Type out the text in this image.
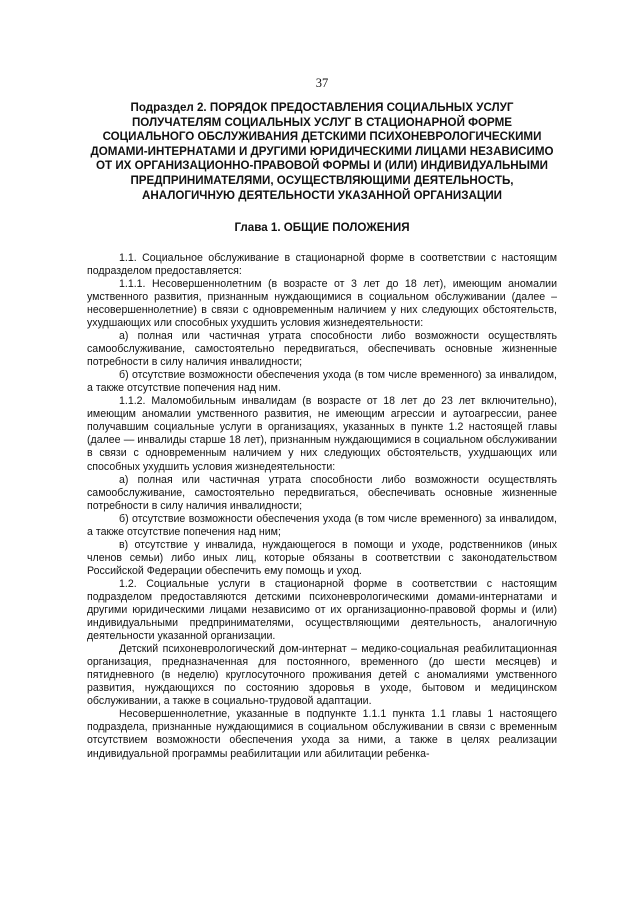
37
Подраздел 2. ПОРЯДОК ПРЕДОСТАВЛЕНИЯ СОЦИАЛЬНЫХ УСЛУГ
ПОЛУЧАТЕЛЯМ СОЦИАЛЬНЫХ УСЛУГ В СТАЦИОНАРНОЙ ФОРМЕ
СОЦИАЛЬНОГО ОБСЛУЖИВАНИЯ ДЕТСКИМИ ПСИХОНЕВРОЛОГИЧЕСКИМИ
ДОМАМИ-ИНТЕРНАТАМИ И ДРУГИМИ ЮРИДИЧЕСКИМИ ЛИЦАМИ НЕЗАВИСИМО
ОТ ИХ ОРГАНИЗАЦИОННО-ПРАВОВОЙ ФОРМЫ И (ИЛИ) ИНДИВИДУАЛЬНЫМИ
ПРЕДПРИНИМАТЕЛЯМИ, ОСУЩЕСТВЛЯЮЩИМИ ДЕЯТЕЛЬНОСТЬ,
АНАЛОГИЧНУЮ ДЕЯТЕЛЬНОСТИ УКАЗАННОЙ ОРГАНИЗАЦИИ
Глава 1. ОБЩИЕ ПОЛОЖЕНИЯ

1.1. Социальное обслуживание в стационарной форме в соответствии с настоящим подразделом предоставляется:

1.1.1. Несовершеннолетним (в возрасте от 3 лет до 18 лет), имеющим аномалии умственного развития, признанным нуждающимися в социальном обслуживании (далее – несовершеннолетние) в связи с одновременным наличием у них следующих обстоятельств, ухудшающих или способных ухудшить условия жизнедеятельности:

а) полная или частичная утрата способности либо возможности осуществлять самообслуживание, самостоятельно передвигаться, обеспечивать основные жизненные потребности в силу наличия инвалидности;

б) отсутствие возможности обеспечения ухода (в том числе временного) за инвалидом, а также отсутствие попечения над ним.

1.1.2. Маломобильным инвалидам (в возрасте от 18 лет до 23 лет включительно), имеющим аномалии умственного развития, не имеющим агрессии и аутоагрессии, ранее получавшим социальные услуги в организациях, указанных в пункте 1.2 настоящей главы (далее — инвалиды старше 18 лет), признанным нуждающимися в социальном обслуживании в связи с одновременным наличием у них следующих обстоятельств, ухудшающих или способных ухудшить условия жизнедеятельности:

а) полная или частичная утрата способности либо возможности осуществлять самообслуживание, самостоятельно передвигаться, обеспечивать основные жизненные потребности в силу наличия инвалидности;

б) отсутствие возможности обеспечения ухода (в том числе временного) за инвалидом, а также отсутствие попечения над ним;

в) отсутствие у инвалида, нуждающегося в помощи и уходе, родственников (иных членов семьи) либо иных лиц, которые обязаны в соответствии с законодательством Российской Федерации обеспечить ему помощь и уход.

1.2. Социальные услуги в стационарной форме в соответствии с настоящим подразделом предоставляются детскими психоневрологическими домами-интернатами и другими юридическими лицами независимо от их организационно-правовой формы и (или) индивидуальными предпринимателями, осуществляющими деятельность, аналогичную деятельности указанной организации.

Детский психоневрологический дом-интернат – медико-социальная реабилитационная организация, предназначенная для постоянного, временного (до шести месяцев) и пятидневного (в неделю) круглосуточного проживания детей с аномалиями умственного развития, нуждающихся по состоянию здоровья в уходе, бытовом и медицинском обслуживании, а также в социально-трудовой адаптации.

Несовершеннолетние, указанные в подпункте 1.1.1 пункта 1.1 главы 1 настоящего подраздела, признанные нуждающимися в социальном обслуживании в связи с временным отсутствием возможности обеспечения ухода за ними, а также в целях реализации индивидуальной программы реабилитации или абилитации ребенка-
